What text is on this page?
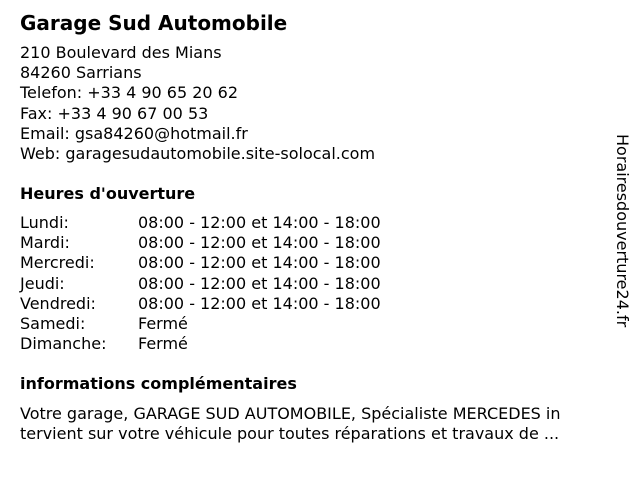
Garage Sud Automobile
210 Boulevard des Mians
84260 Sarrians
Telefon: +33 4 90 65 20 62
Fax: +33 4 90 67 00 53
Email: gsa84260@hotmail.fr
Web: garagesudautomobile.site-solocal.com
Heures d'ouverture
Lundi:	08:00 - 12:00 et 14:00 - 18:00
Mardi:	08:00 - 12:00 et 14:00 - 18:00
Mercredi:	08:00 - 12:00 et 14:00 - 18:00
Jeudi:	08:00 - 12:00 et 14:00 - 18:00
Vendredi:	08:00 - 12:00 et 14:00 - 18:00
Samedi:	Fermé
Dimanche: Fermé
informations complémentaires
Votre garage, GARAGE SUD AUTOMOBILE, Spécialiste MERCEDES in
tervient sur votre véhicule pour toutes réparations et travaux de ...
Horairesdouverture24.fr
